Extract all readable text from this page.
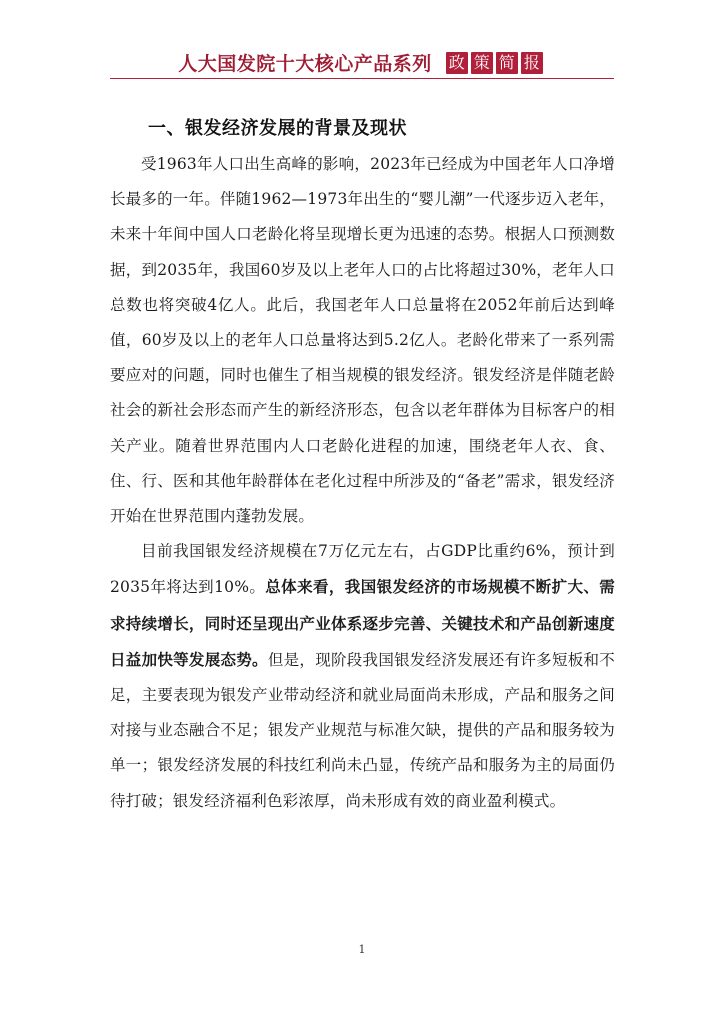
人大国发院十大核心产品系列 政 策 简 报
一、银发经济发展的背景及现状

受1963年人口出生高峰的影响，2023年已经成为中国老年人口净增长最多的一年。伴随1962—1973年出生的“婴儿潮”一代逐步迈入老年，未来十年间中国人口老龄化将呈现增长更为迅速的态势。根据人口预测数据，到2035年，我国60岁及以上老年人口的占比将超过30%，老年人口总数也将突破4亿人。此后，我国老年人口总量将在2052年前后达到峰值，60岁及以上的老年人口总量将达到5.2亿人。老龄化带来了一系列需要应对的问题，同时也催生了相当规模的银发经济。银发经济是伴随老龄社会的新社会形态而产生的新经济形态，包含以老年群体为目标客户的相关产业。随着世界范围内人口老龄化进程的加速，围绕老年人衣、食、住、行、医和其他年龄群体在老化过程中所涉及的“备老”需求，银发经济开始在世界范围内蓬勃发展。

目前我国银发经济规模在7万亿元左右，占GDP比重约6%，预计到2035年将达到10%。总体来看，我国银发经济的市场规模不断扩大、需求持续增长，同时还呈现出产业体系逐步完善、关键技术和产品创新速度日益加快等发展态势。但是，现阶段我国银发经济发展还有许多短板和不足，主要表现为银发产业带动经济和就业局面尚未形成，产品和服务之间对接与业态融合不足；银发产业规范与标准欠缺，提供的产品和服务较为单一；银发经济发展的科技红利尚未凸显，传统产品和服务为主的局面仍待打破；银发经济福利色彩浓厚，尚未形成有效的商业盈利模式。

1
